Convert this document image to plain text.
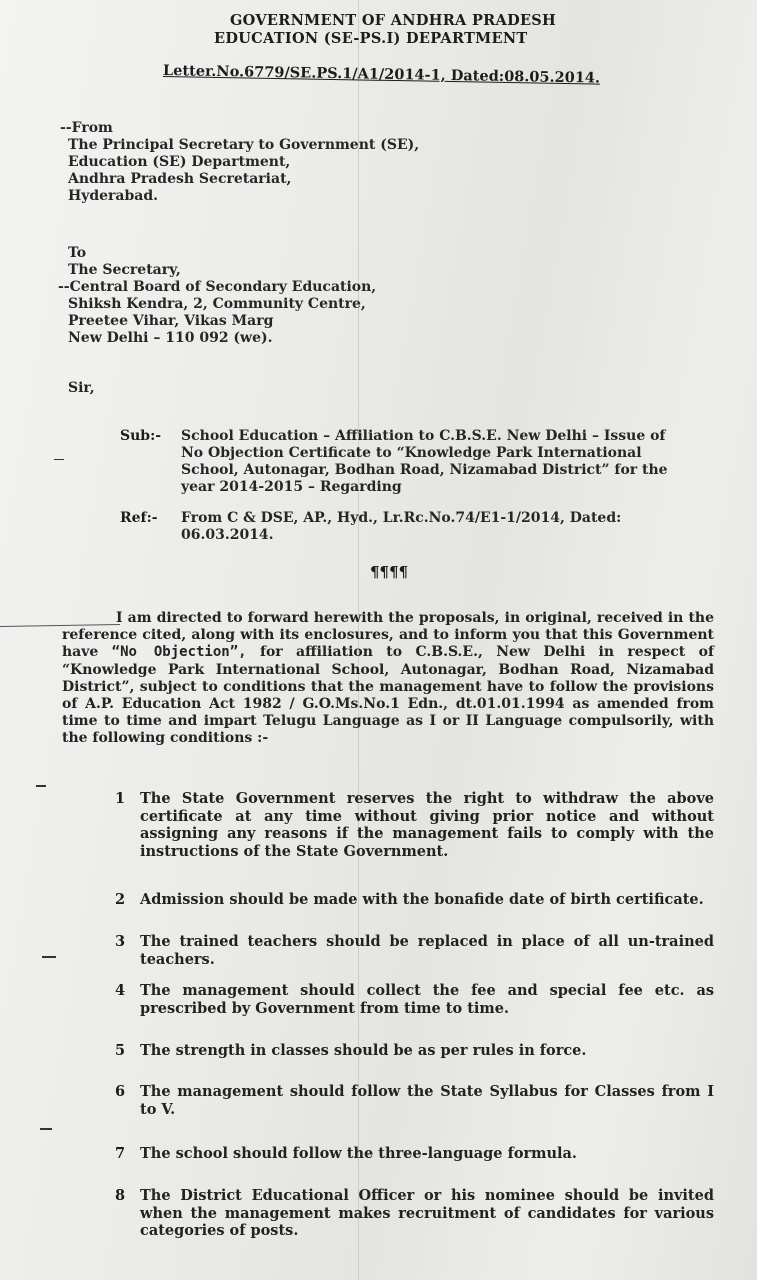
GOVERNMENT OF ANDHRA PRADESH
EDUCATION (SE-PS.I) DEPARTMENT
Letter.No.6779/SE.PS.1/A1/2014-1, Dated:08.05.2014.
--From
The Principal Secretary to Government (SE),
Education (SE) Department,
Andhra Pradesh Secretariat,
Hyderabad.
To
The Secretary,
--Central Board of Secondary Education,
Shiksh Kendra, 2, Community Centre,
Preetee Vihar, Vikas Marg
New Delhi – 110 092 (we).
Sir,
Sub:- School Education – Affiliation to C.B.S.E. New Delhi – Issue of
No Objection Certificate to “Knowledge Park International
School, Autonagar, Bodhan Road, Nizamabad District” for the
year 2014-2015 – Regarding
Ref:- From C & DSE, AP., Hyd., Lr.Rc.No.74/E1-1/2014, Dated:
06.03.2014.
¶¶¶¶
I am directed to forward herewith the proposals, in original, received in the reference cited, along with its enclosures, and to inform you that this Government have “No Objection”, for affiliation to C.B.S.E., New Delhi in respect of “Knowledge Park International School, Autonagar, Bodhan Road, Nizamabad District”, subject to conditions that the management have to follow the provisions of A.P. Education Act 1982 / G.O.Ms.No.1 Edn., dt.01.01.1994 as amended from time to time and impart Telugu Language as I or II Language compulsorily, with the following conditions :-
1 The State Government reserves the right to withdraw the above certificate at any time without giving prior notice and without assigning any reasons if the management fails to comply with the instructions of the State Government.
2 Admission should be made with the bonafide date of birth certificate.
3 The trained teachers should be replaced in place of all un-trained teachers.
4 The management should collect the fee and special fee etc. as prescribed by Government from time to time.
5 The strength in classes should be as per rules in force.
6 The management should follow the State Syllabus for Classes from I to V.
7 The school should follow the three-language formula.
8 The District Educational Officer or his nominee should be invited when the management makes recruitment of candidates for various categories of posts.
